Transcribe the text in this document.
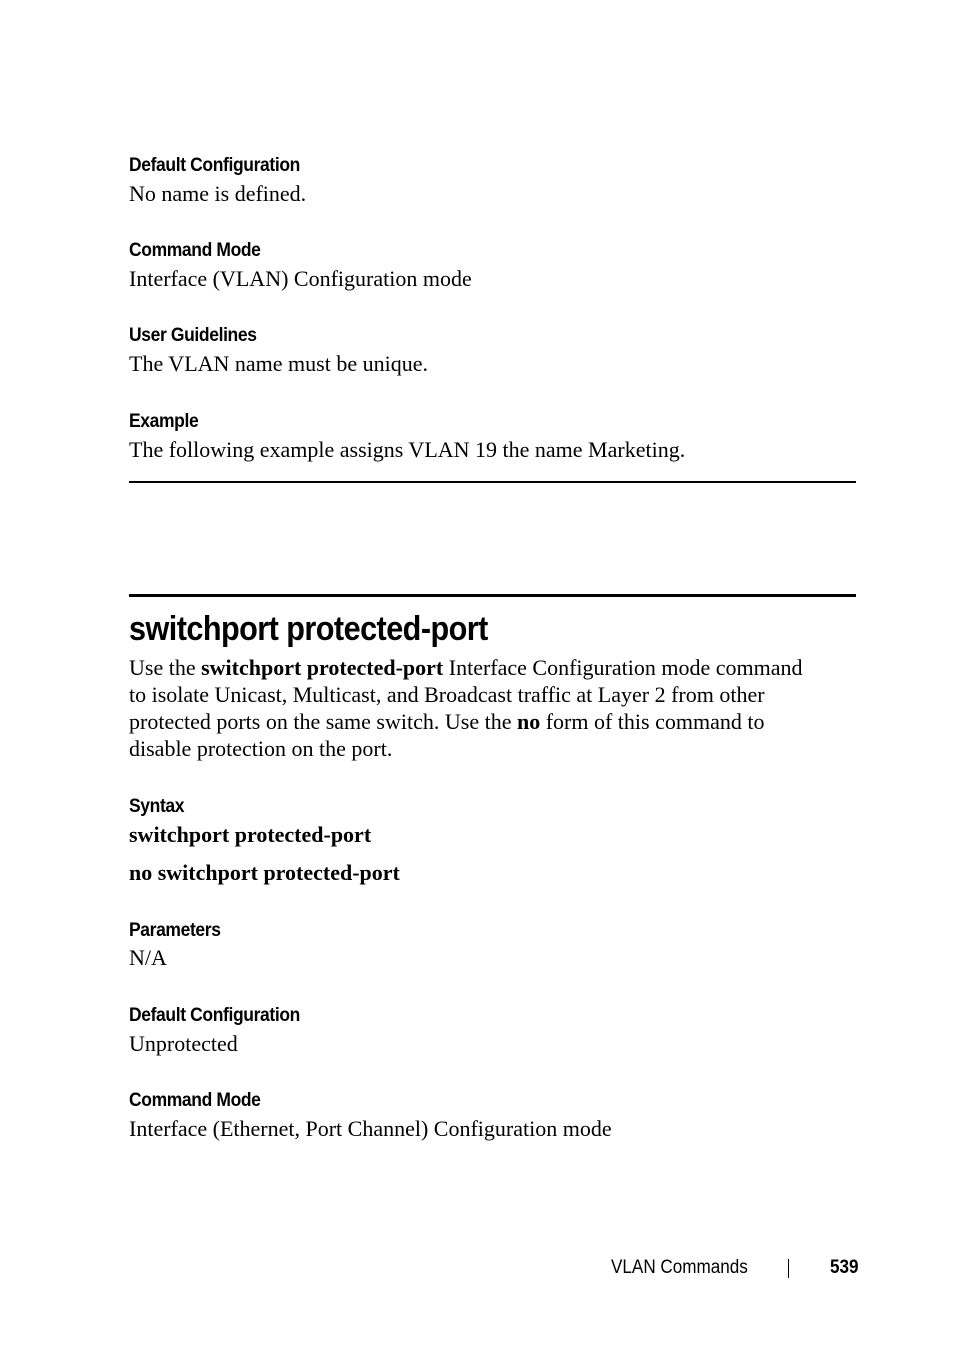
Default Configuration
No name is defined.
Command Mode
Interface (VLAN) Configuration mode
User Guidelines
The VLAN name must be unique.
Example
The following example assigns VLAN 19 the name Marketing.
switchport protected-port
Use the switchport protected-port Interface Configuration mode command
to isolate Unicast, Multicast, and Broadcast traffic at Layer 2 from other
protected ports on the same switch. Use the no form of this command to
disable protection on the port.
Syntax
switchport protected-port
no switchport protected-port
Parameters
N/A
Default Configuration
Unprotected
Command Mode
Interface (Ethernet, Port Channel) Configuration mode
VLAN Commands	539
